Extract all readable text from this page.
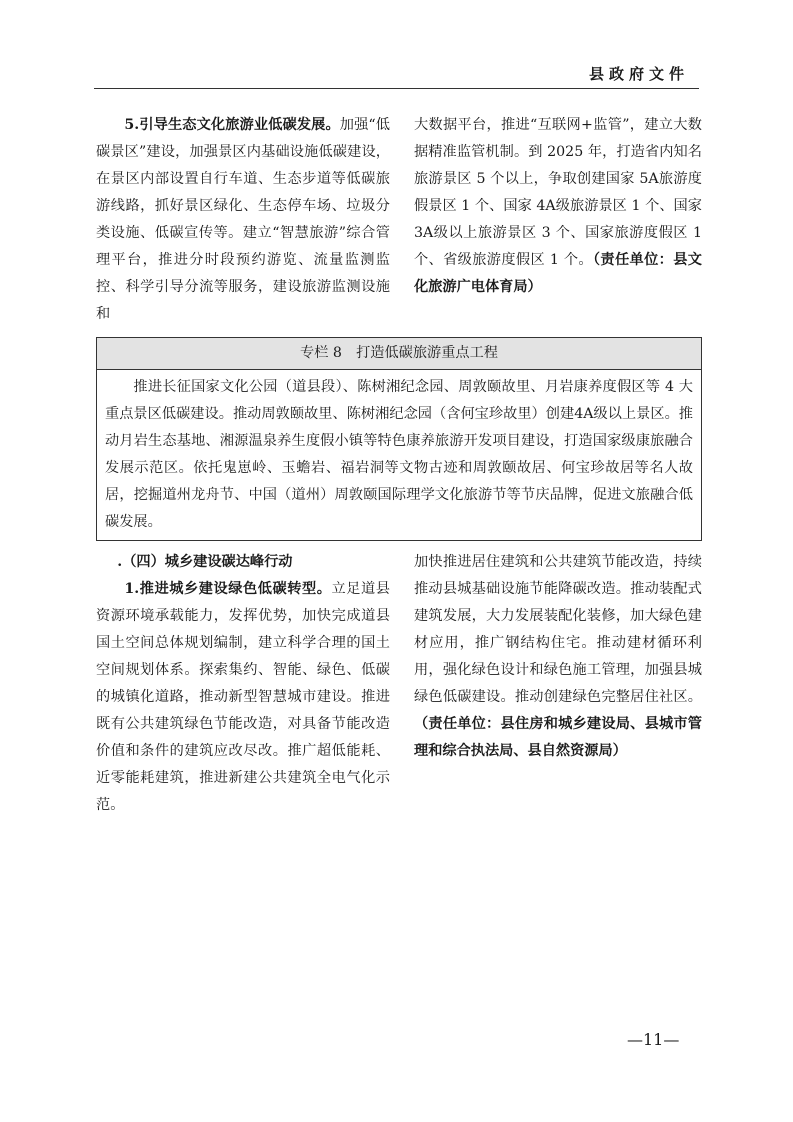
县政府文件

5.引导生态文化旅游业低碳发展。加强“低碳景区”建设，加强景区内基础设施低碳建设，在景区内部设置自行车道、生态步道等低碳旅游线路，抓好景区绿化、生态停车场、垃圾分类设施、低碳宣传等。建立“智慧旅游”综合管理平台，推进分时段预约游览、流量监测监控、科学引导分流等服务，建设旅游监测设施和

大数据平台，推进“互联网+监管”，建立大数据精准监管机制。到 2025 年，打造省内知名旅游景区 5 个以上，争取创建国家 5A旅游度假景区 1 个、国家 4A级旅游景区 1 个、国家 3A级以上旅游景区 3 个、国家旅游度假区 1 个、省级旅游度假区 1 个。（责任单位：县文化旅游广电体育局）

专栏 8　打造低碳旅游重点工程

推进长征国家文化公园（道县段）、陈树湘纪念园、周敦颐故里、月岩康养度假区等 4 大重点景区低碳建设。推动周敦颐故里、陈树湘纪念园（含何宝珍故里）创建4A级以上景区。推动月岩生态基地、湘源温泉养生度假小镇等特色康养旅游开发项目建设，打造国家级康旅融合发展示范区。依托鬼崽岭、玉蟾岩、福岩洞等文物古迹和周敦颐故居、何宝珍故居等名人故居，挖掘道州龙舟节、中国（道州）周敦颐国际理学文化旅游节等节庆品牌，促进文旅融合低碳发展。

.（四）城乡建设碳达峰行动

1.推进城乡建设绿色低碳转型。立足道县资源环境承载能力，发挥优势，加快完成道县国土空间总体规划编制，建立科学合理的国土空间规划体系。探索集约、智能、绿色、低碳的城镇化道路，推动新型智慧城市建设。推进既有公共建筑绿色节能改造，对具备节能改造价值和条件的建筑应改尽改。推广超低能耗、近零能耗建筑，推进新建公共建筑全电气化示范。

加快推进居住建筑和公共建筑节能改造，持续推动县城基础设施节能降碳改造。推动装配式建筑发展，大力发展装配化装修，加大绿色建材应用，推广钢结构住宅。推动建材循环利用，强化绿色设计和绿色施工管理，加强县城绿色低碳建设。推动创建绿色完整居住社区。（责任单位：县住房和城乡建设局、县城市管理和综合执法局、县自然资源局）

—11—
